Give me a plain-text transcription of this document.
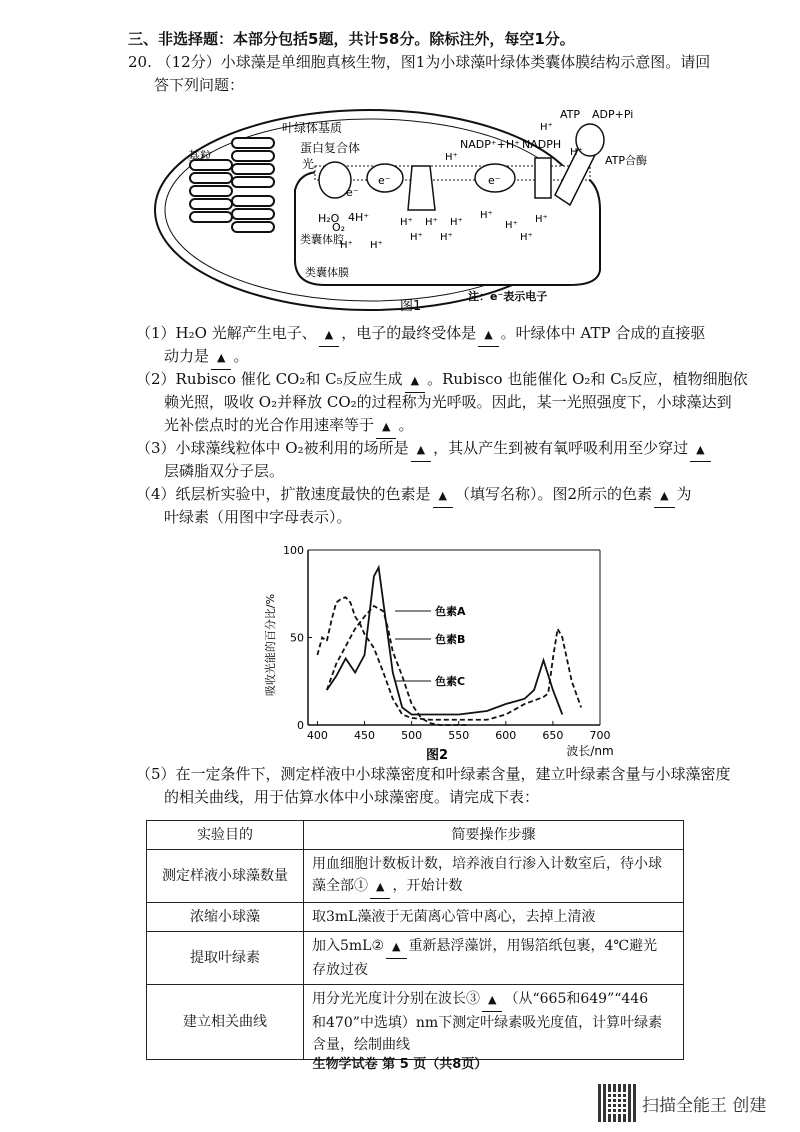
三、非选择题：本部分包括5题，共计58分。除标注外，每空1分。
20. （12分）小球藻是单细胞真核生物，图1为小球藻叶绿体类囊体膜结构示意图。请回
答下列问题：
叶绿体基质
蛋白复合体
基粒
光
H₂O
O₂
4H⁺
类囊体腔
类囊体膜
NADP⁺+H⁺ NADPH
ATP ADP+Pi
ATP合酶
e⁻
e⁻	e⁻
H⁺ H⁺ H⁺
H⁺ H⁺
H⁺
H⁺
H⁺
H⁺
H⁺ H⁺
H⁺
H⁺
H⁺
图1
注：e⁻表示电子
（1）H₂O 光解产生电子、 ▲ ，电子的最终受体是 ▲ 。叶绿体中 ATP 合成的直接驱
动力是 ▲ 。
（2）Rubisco 催化 CO₂和 C₅反应生成 ▲ 。Rubisco 也能催化 O₂和 C₅反应，植物细胞依
赖光照，吸收 O₂并释放 CO₂的过程称为光呼吸。因此，某一光照强度下，小球藻达到
光补偿点时的光合作用速率等于 ▲ 。
（3）小球藻线粒体中 O₂被利用的场所是 ▲ ，其从产生到被有氧呼吸利用至少穿过 ▲
层磷脂双分子层。
（4）纸层析实验中，扩散速度最快的色素是 ▲ （填写名称）。图2所示的色素 ▲ 为
叶绿素（用图中字母表示）。
400 450 500 550 600 650 700
0
50
100
色素A
色素B
色素C
吸收光能的百分比/%
波长/nm
图2
（5）在一定条件下，测定样液中小球藻密度和叶绿素含量，建立叶绿素含量与小球藻密度
的相关曲线，用于估算水体中小球藻密度。请完成下表：
实验目的	简要操作步骤
测定样液小球藻数量	用血细胞计数板计数，培养液自行渗入计数室后，待小球
藻全部① ▲ ，开始计数
浓缩小球藻	取3mL藻液于无菌离心管中离心，去掉上清液
提取叶绿素	加入5mL② ▲ 重新悬浮藻饼，用锡箔纸包裹，4℃避光
存放过夜
建立相关曲线	用分光光度计分别在波长③ ▲ （从“665和649”“446
和470”中选填）nm下测定叶绿素吸光度值，计算叶绿素
含量，绘制曲线
生物学试卷 第 5 页（共8页）
扫描全能王 创建
